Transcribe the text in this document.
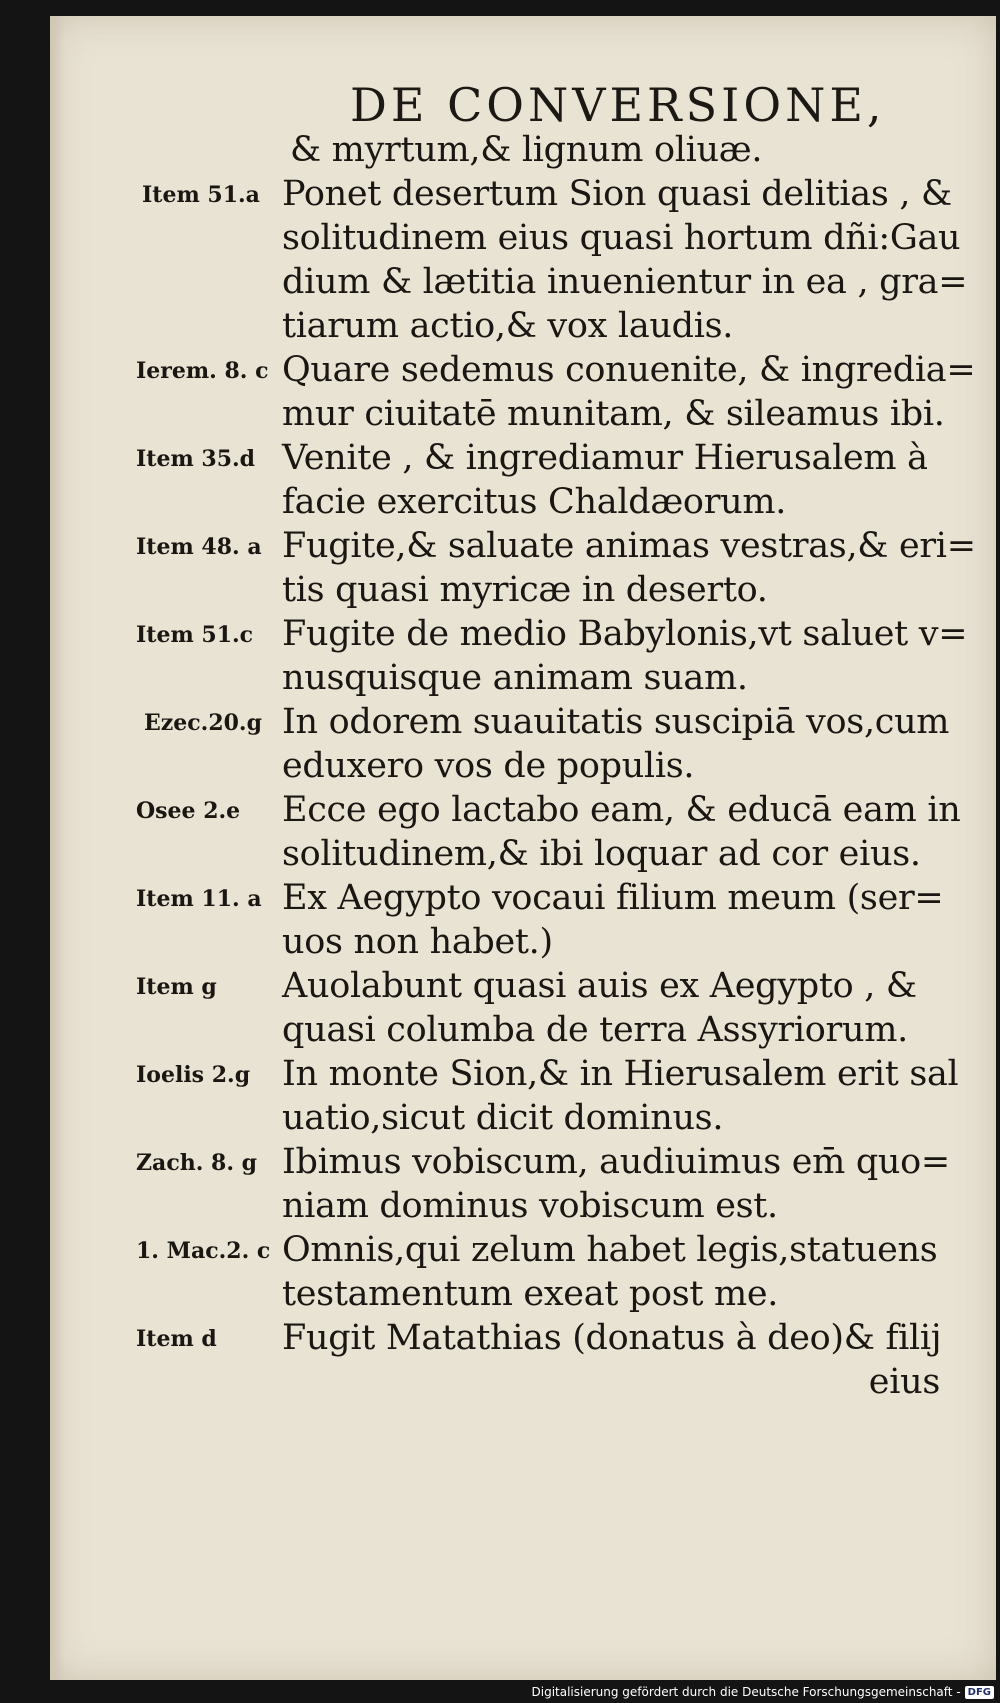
DE CONVERSIONE,
& myrtum,& lignum oliuæ.
Ponet desertum Sion quasi delitias , &
solitudinem eius quasi hortum dñi:Gau
dium & lætitia inuenientur in ea , gra=
tiarum actio,& vox laudis.
Quare sedemus conuenite, & ingredia=
mur ciuitatē munitam, & sileamus ibi.
Venite , & ingrediamur Hierusalem à
facie exercitus Chaldæorum.
Fugite,& saluate animas vestras,& eri=
tis quasi myricæ in deserto.
Fugite de medio Babylonis,vt saluet v=
nusquisque animam suam.
In odorem suauitatis suscipiā vos,cum
eduxero vos de populis.
Ecce ego lactabo eam, & educā eam in
solitudinem,& ibi loquar ad cor eius.
Ex Aegypto vocaui filium meum (ser=
uos non habet.)
Auolabunt quasi auis ex Aegypto , &
quasi columba de terra Assyriorum.
In monte Sion,& in Hierusalem erit sal
uatio,sicut dicit dominus.
Ibimus vobiscum, audiuimus em̄ quo=
niam dominus vobiscum est.
Omnis,qui zelum habet legis,statuens
testamentum exeat post me.
Fugit Matathias (donatus à deo)& filij
eius
Item 51.a
Ierem. 8. c
Item 35.d
Item 48. a
Item 51.c
Ezec.20.g
Osee 2.e
Item 11. a
Item g
Ioelis 2.g
Zach. 8. g
1. Mac.2. c
Item d
Digitalisierung gefördert durch die Deutsche Forschungsgemeinschaft - DFG
